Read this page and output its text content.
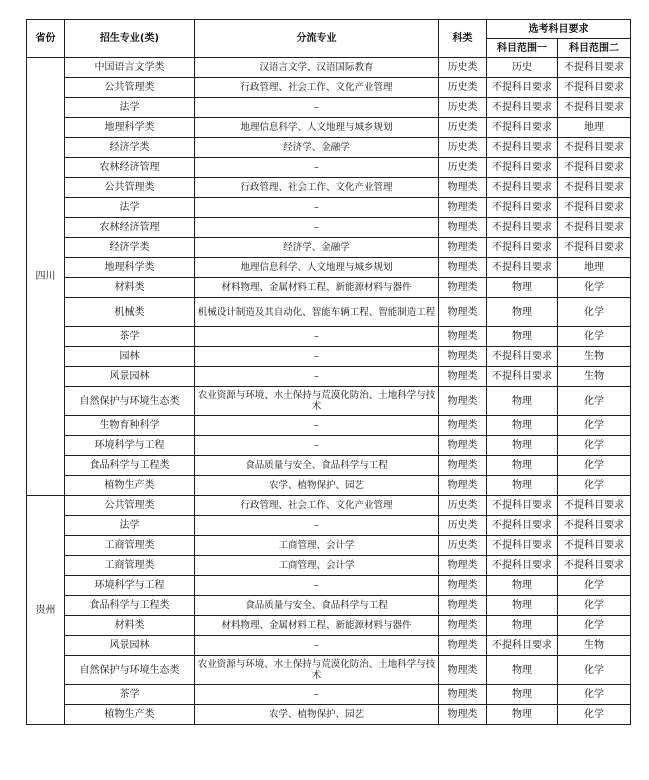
省份	招生专业(类)	分流专业	科类	选考科目要求	
				科目范围一	科目范围二
四川	中国语言文学类	汉语言文学、汉语国际教育	历史类	历史	不提科目要求
	公共管理类	行政管理、社会工作、文化产业管理	历史类	不提科目要求	不提科目要求
	法学	–	历史类	不提科目要求	不提科目要求
	地理科学类	地理信息科学、人文地理与城乡规划	历史类	不提科目要求	地理
	经济学类	经济学、金融学	历史类	不提科目要求	不提科目要求
	农林经济管理	–	历史类	不提科目要求	不提科目要求
	公共管理类	行政管理、社会工作、文化产业管理	物理类	不提科目要求	不提科目要求
	法学	–	物理类	不提科目要求	不提科目要求
	农林经济管理	–	物理类	不提科目要求	不提科目要求
	经济学类	经济学、金融学	物理类	不提科目要求	不提科目要求
	地理科学类	地理信息科学、人文地理与城乡规划	物理类	不提科目要求	地理
	材料类	材料物理、金属材料工程、新能源材料与器件	物理类	物理	化学
	机械类	机械设计制造及其自动化、智能车辆工程、智能制造工程	物理类	物理	化学
	茶学	–	物理类	物理	化学
	园林	–	物理类	不提科目要求	生物
	风景园林	–	物理类	不提科目要求	生物
	自然保护与环境生态类	农业资源与环境、水土保持与荒漠化防治、土地科学与技术	物理类	物理	化学
	生物育种科学	–	物理类	物理	化学
	环境科学与工程	–	物理类	物理	化学
	食品科学与工程类	食品质量与安全、食品科学与工程	物理类	物理	化学
	植物生产类	农学、植物保护、园艺	物理类	物理	化学
贵州	公共管理类	行政管理、社会工作、文化产业管理	历史类	不提科目要求	不提科目要求
	法学	–	历史类	不提科目要求	不提科目要求
	工商管理类	工商管理、会计学	历史类	不提科目要求	不提科目要求
	工商管理类	工商管理、会计学	物理类	不提科目要求	不提科目要求
	环境科学与工程	–	物理类	物理	化学
	食品科学与工程类	食品质量与安全、食品科学与工程	物理类	物理	化学
	材料类	材料物理、金属材料工程、新能源材料与器件	物理类	物理	化学
	风景园林	–	物理类	不提科目要求	生物
	自然保护与环境生态类	农业资源与环境、水土保持与荒漠化防治、土地科学与技术	物理类	物理	化学
	茶学	–	物理类	物理	化学
	植物生产类	农学、植物保护、园艺	物理类	物理	化学
